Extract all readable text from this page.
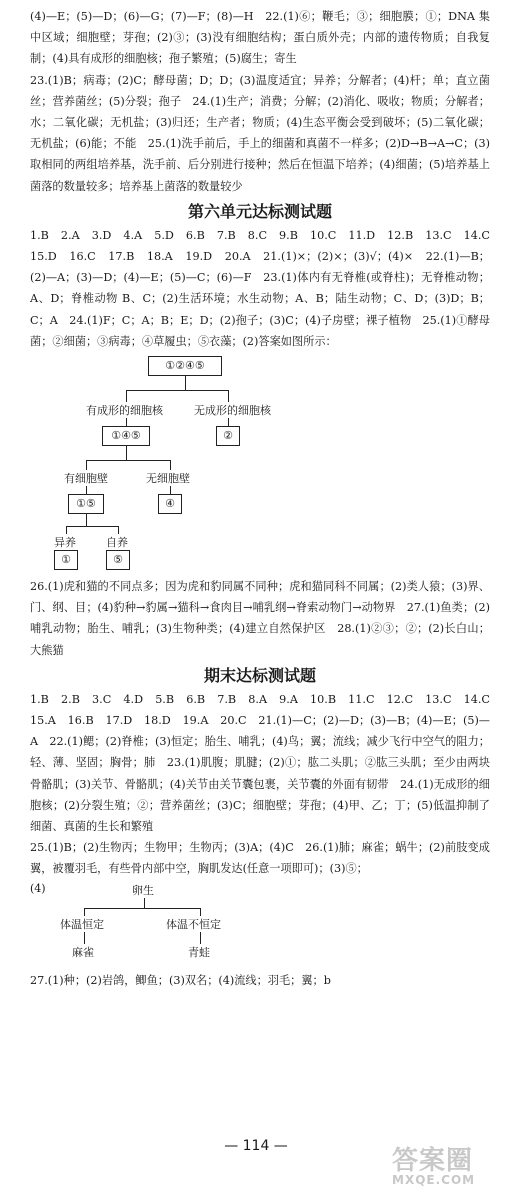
(4)—E；(5)—D；(6)—G；(7)—F；(8)—H　22.(1)⑥；鞭毛；③；细胞膜；①；DNA 集中区域；细胞壁；芽孢；(2)③；(3)没有细胞结构；蛋白质外壳；内部的遗传物质；自我复制；(4)具有成形的细胞核；孢子繁殖；(5)腐生；寄生

23.(1)B；病毒；(2)C；酵母菌；D；D；(3)温度适宜；异养；分解者；(4)杆；单；直立菌丝；营养菌丝；(5)分裂；孢子　24.(1)生产；消费；分解；(2)消化、吸收；物质；分解者；水；二氧化碳；无机盐；(3)归还；生产者；物质；(4)生态平衡会受到破坏；(5)二氧化碳；无机盐；(6)能；不能　25.(1)洗手前后，手上的细菌和真菌不一样多；(2)D→B→A→C；(3)取相同的两组培养基，洗手前、后分别进行接种；然后在恒温下培养；(4)细菌；(5)培养基上菌落的数量较多；培养基上菌落的数量较少

第六单元达标测试题

1.B　2.A　3.D　4.A　5.D　6.B　7.B　8.C　9.B　10.C　11.D　12.B　13.C　14.C　15.D　16.C　17.B　18.A　19.D　20.A　21.(1)×；(2)×；(3)√；(4)×　22.(1)—B；(2)—A；(3)—D；(4)—E；(5)—C；(6)—F　23.(1)体内有无脊椎(或脊柱)；无脊椎动物；A、D；脊椎动物 B、C；(2)生活环境；水生动物；A、B；陆生动物；C、D；(3)D；B；C；A　24.(1)F；C；A；B；E；D；(2)孢子；(3)C；(4)子房壁；裸子植物　25.(1)①酵母菌；②细菌；③病毒；④草履虫；⑤衣藻；(2)答案如图所示：

①②④⑤
有成形的细胞核	无成形的细胞核
①④⑤	②
有细胞壁	无细胞壁
①⑤	④
异养	自养
①	⑤

26.(1)虎和猫的不同点多；因为虎和豹同属不同种；虎和猫同科不同属；(2)类人猿；(3)界、门、纲、目；(4)豹种→豹属→猫科→食肉目→哺乳纲→脊索动物门→动物界　27.(1)鱼类；(2)哺乳动物；胎生、哺乳；(3)生物种类；(4)建立自然保护区　28.(1)②③；②；(2)长白山；大熊猫

期末达标测试题

1.B　2.B　3.C　4.D　5.B　6.B　7.B　8.A　9.A　10.B　11.C　12.C　13.C　14.C　15.A　16.B　17.D　18.D　19.A　20.C　21.(1)—C；(2)—D；(3)—B；(4)—E；(5)—A　22.(1)鳃；(2)脊椎；(3)恒定；胎生、哺乳；(4)鸟；翼；流线；减少飞行中空气的阻力；轻、薄、坚固；胸骨；肺　23.(1)肌腹；肌腱；(2)①；肱二头肌；②肱三头肌；至少由两块骨骼肌；(3)关节、骨骼肌；(4)关节由关节囊包裹，关节囊的外面有韧带　24.(1)无成形的细胞核；(2)分裂生殖；②；营养菌丝；(3)C；细胞壁；芽孢；(4)甲、乙；丁；(5)低温抑制了细菌、真菌的生长和繁殖

25.(1)B；(2)生物丙；生物甲；生物丙；(3)A；(4)C　26.(1)肺；麻雀；蜗牛；(2)前肢变成翼，被覆羽毛，有些骨内部中空，胸肌发达(任意一项即可)；(3)⑤；

(4)	卵生
体温恒定	体温不恒定
麻雀	青蛙

27.(1)种；(2)岩鸽，鲫鱼；(3)双名；(4)流线；羽毛；翼；b

— 114 —	答案圈
MXQE.COM
